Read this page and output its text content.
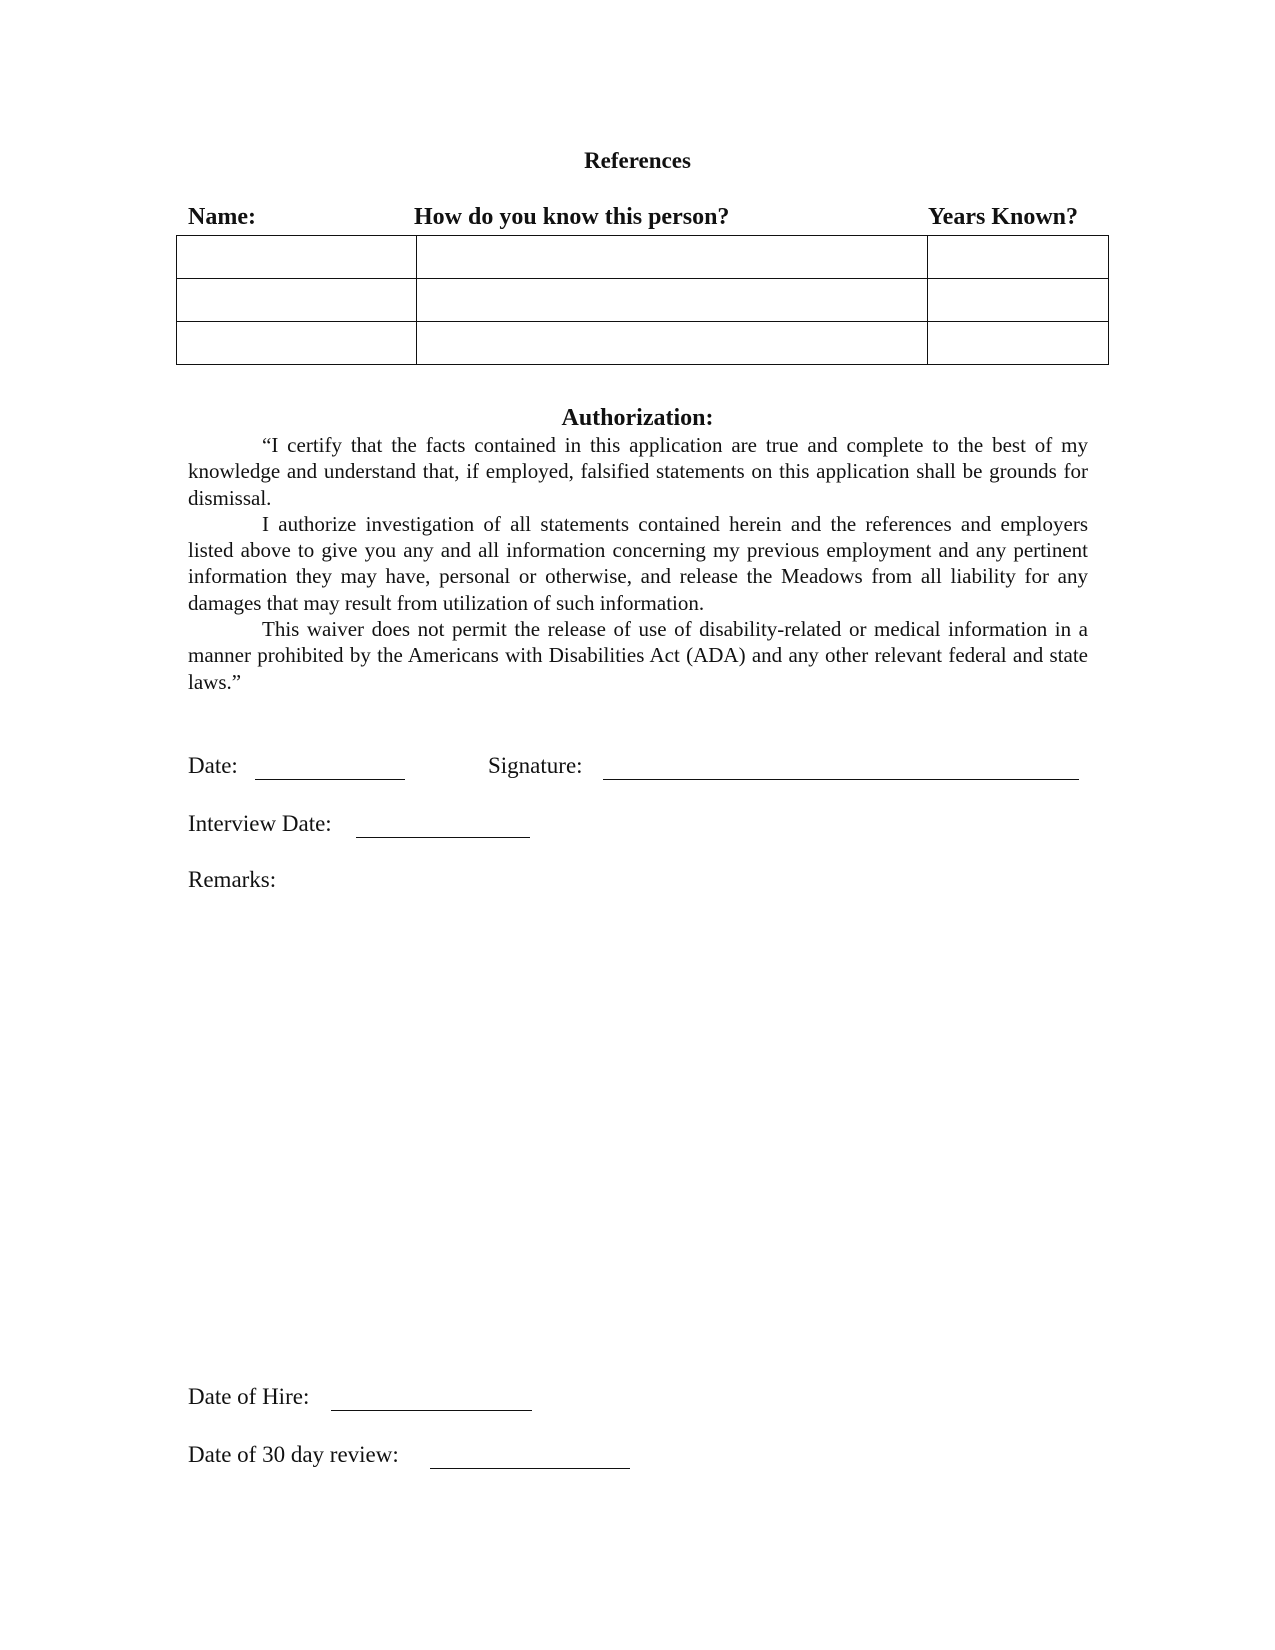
References
Name:	How do you know this person?	Years Known?

Authorization:

“I certify that the facts contained in this application are true and complete to the best of my knowledge and understand that, if employed, falsified statements on this application shall be grounds for dismissal.

I authorize investigation of all statements contained herein and the references and employers listed above to give you any and all information concerning my previous employment and any pertinent information they may have, personal or otherwise, and release the Meadows from all liability for any damages that may result from utilization of such information.

This waiver does not permit the release of use of disability-related or medical information in a manner prohibited by the Americans with Disabilities Act (ADA) and any other relevant federal and state laws.”

Date:	Signature:
Interview Date:
Remarks:
Date of Hire:
Date of 30 day review:
